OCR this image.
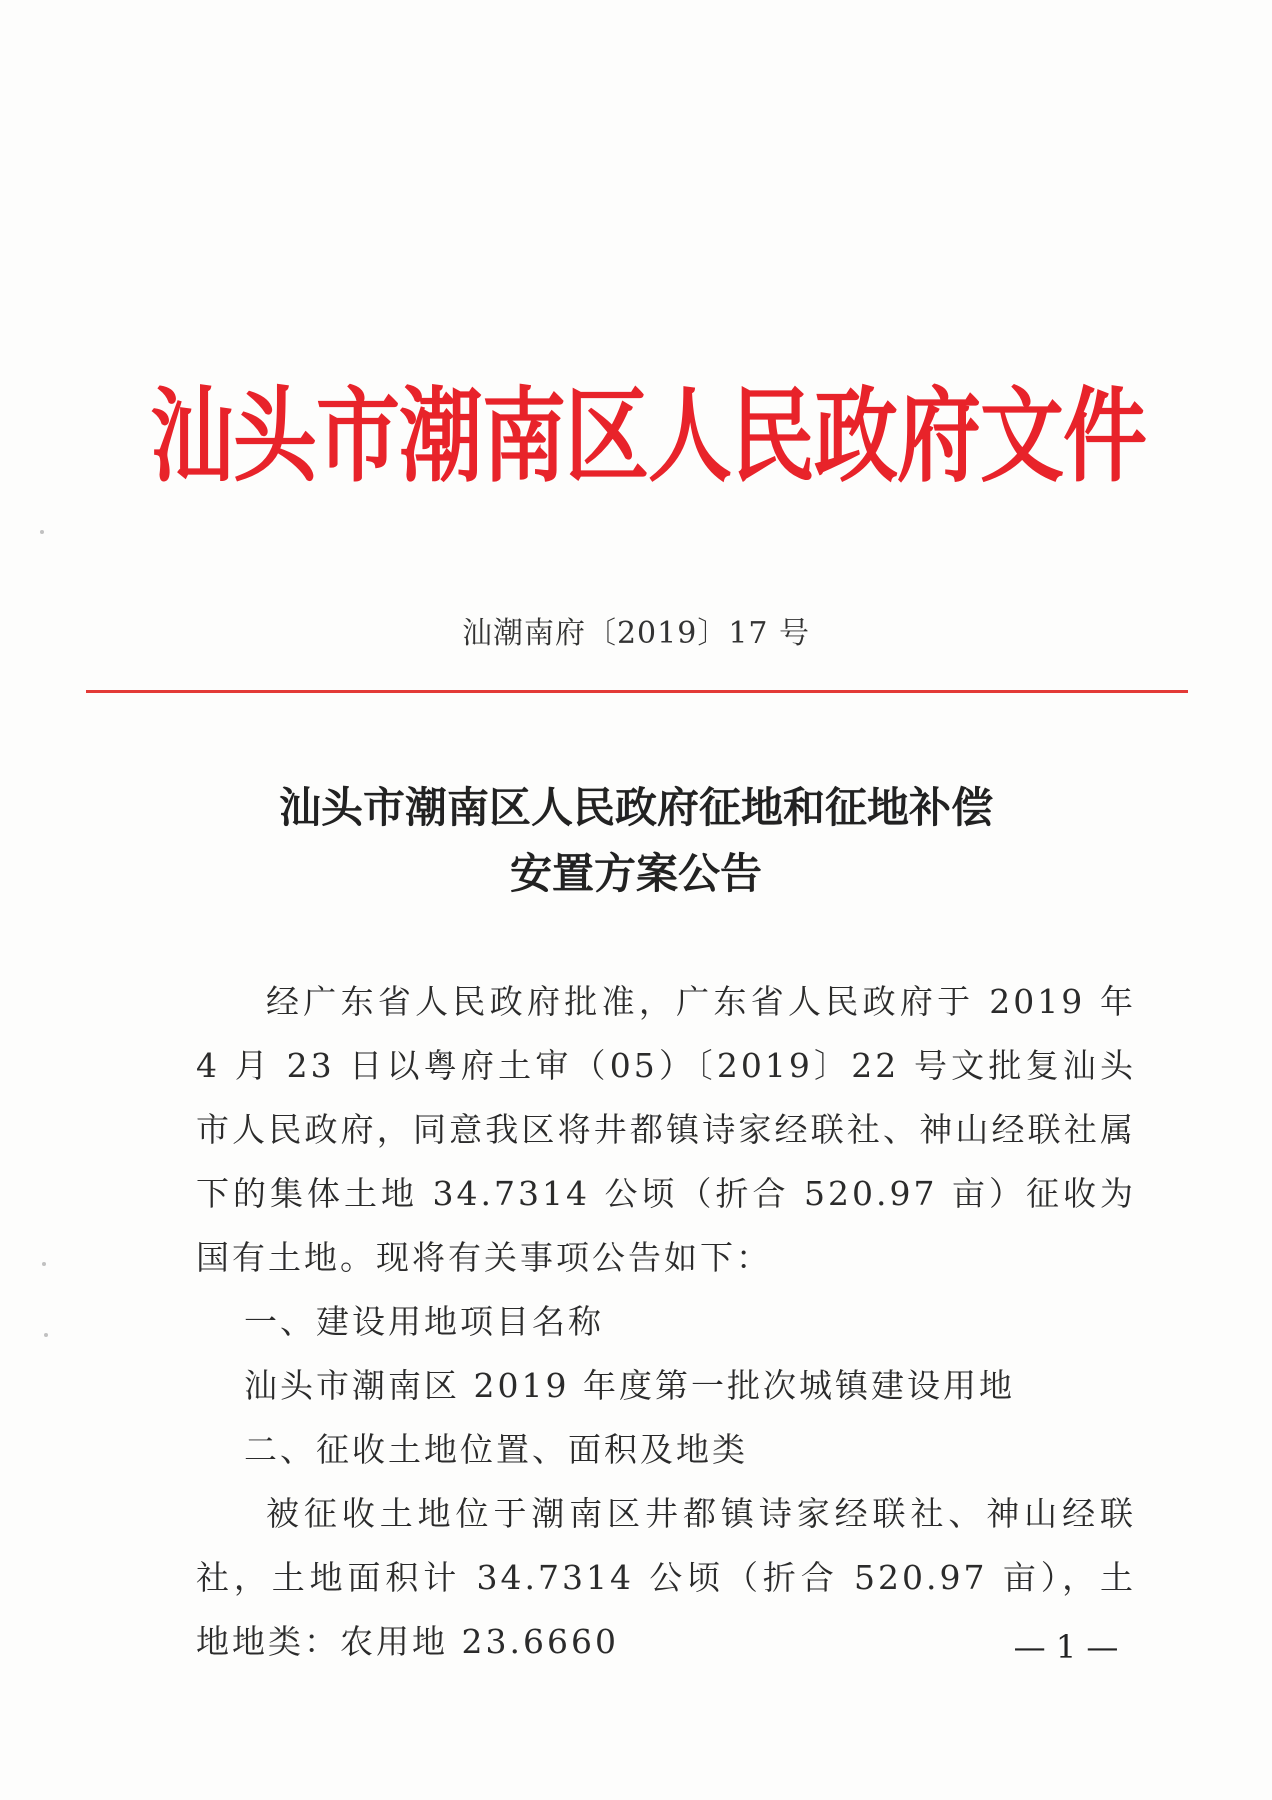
汕头市潮南区人民政府文件
汕潮南府〔2019〕17 号
汕头市潮南区人民政府征地和征地补偿
安置方案公告

经广东省人民政府批准，广东省人民政府于 2019 年 4 月 23 日以粤府土审（05）〔2019〕22 号文批复汕头市人民政府，同意我区将井都镇诗家经联社、神山经联社属下的集体土地 34.7314 公顷（折合 520.97 亩）征收为国有土地。现将有关事项公告如下：

一、建设用地项目名称

汕头市潮南区 2019 年度第一批次城镇建设用地

二、征收土地位置、面积及地类

被征收土地位于潮南区井都镇诗家经联社、神山经联社，土地面积计 34.7314 公顷（折合 520.97 亩），土地地类：农用地 23.6660	— 1 —
